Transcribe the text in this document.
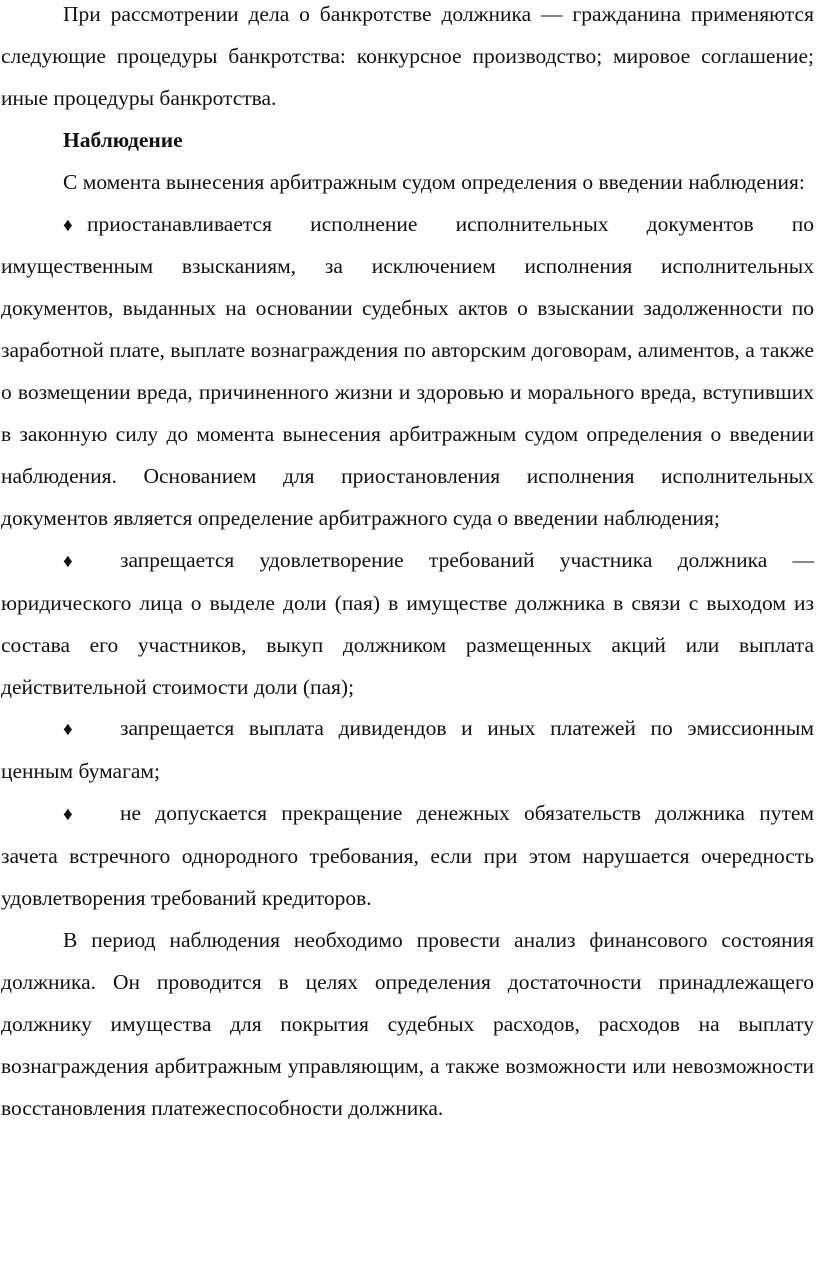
При рассмотрении дела о банкротстве должника — гражданина применяются следующие процедуры банкротства: конкурсное производство; мировое соглашение; иные процедуры банкротства.

Наблюдение

С момента вынесения арбитражным судом определения о введении наблюдения:

♦ приостанавливается исполнение исполнительных документов по имущественным взысканиям, за исключением исполнения исполнительных документов, выданных на основании судебных актов о взыскании задолженности по заработной плате, выплате вознаграждения по авторским договорам, алиментов, а также о возмещении вреда, причиненного жизни и здоровью и морального вреда, вступивших в законную силу до момента вынесения арбитражным судом определения о введении наблюдения. Основанием для приостановления исполнения исполнительных документов является определение арбитражного суда о введении наблюдения;

♦ запрещается удовлетворение требований участника должника — юридического лица о выделе доли (пая) в имуществе должника в связи с выходом из состава его участников, выкуп должником размещенных акций или выплата действительной стоимости доли (пая);

♦ запрещается выплата дивидендов и иных платежей по эмиссионным ценным бумагам;

♦ не допускается прекращение денежных обязательств должника путем зачета встречного однородного требования, если при этом нарушается очередность удовлетворения требований кредиторов.

В период наблюдения необходимо провести анализ финансового состояния должника. Он проводится в целях определения достаточности принадлежащего должнику имущества для покрытия судебных расходов, расходов на выплату вознаграждения арбитражным управляющим, а также возможности или невозможности восстановления платежеспособности должника.
